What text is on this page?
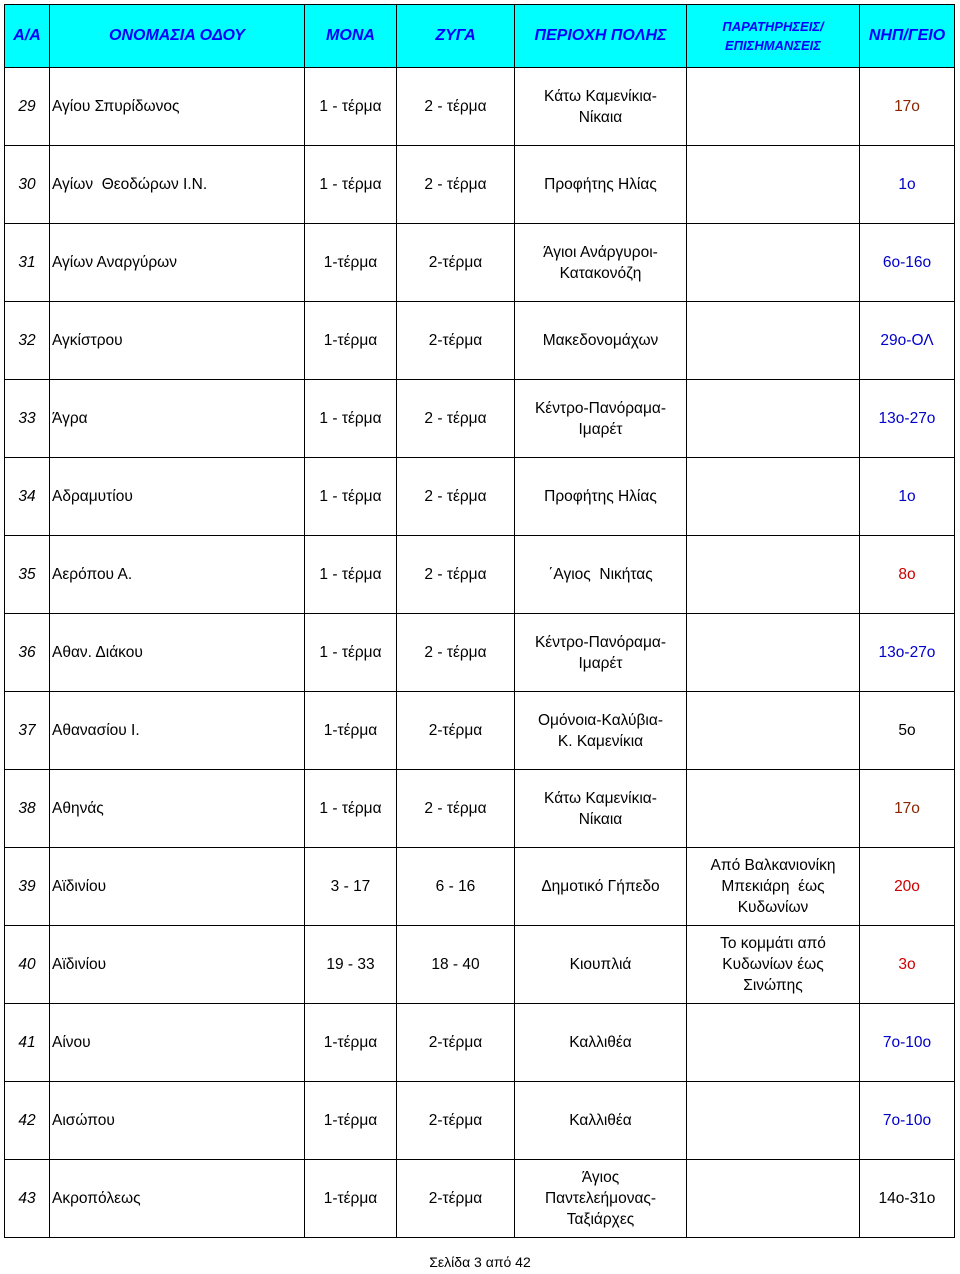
Α/Α	ΟΝΟΜΑΣΙΑ ΟΔΟΥ	ΜΟΝΑ	ΖΥΓΑ	ΠΕΡΙΟΧΗ ΠΟΛΗΣ	ΠΑΡΑΤΗΡΗΣΕΙΣ/
ΕΠΙΣΗΜΑΝΣΕΙΣ	ΝΗΠ/ΓΕΙΟ
29	Αγίου Σπυρίδωνος	1 - τέρμα	2 - τέρμα	Κάτω Καμενίκια-
Νίκαια		17ο
30	Αγίων  Θεοδώρων Ι.Ν.	1 - τέρμα	2 - τέρμα	Προφήτης Ηλίας		1ο
31	Αγίων Αναργύρων	1-τέρμα	2-τέρμα	Άγιοι Ανάργυροι-
Κατακονόζη		6ο-16ο
32	Αγκίστρου	1-τέρμα	2-τέρμα	Μακεδονομάχων		29ο-ΟΛ
33	Άγρα	1 - τέρμα	2 - τέρμα	Κέντρο-Πανόραμα-
Ιμαρέτ		13ο-27ο
34	Αδραμυτίου	1 - τέρμα	2 - τέρμα	Προφήτης Ηλίας		1ο
35	Αερόπου Α.	1 - τέρμα	2 - τέρμα	΄Αγιος  Νικήτας		8ο
36	Αθαν. Διάκου	1 - τέρμα	2 - τέρμα	Κέντρο-Πανόραμα-
Ιμαρέτ		13ο-27ο
37	Αθανασίου Ι.	1-τέρμα	2-τέρμα	Ομόνοια-Καλύβια-
Κ. Καμενίκια		5ο
38	Αθηνάς	1 - τέρμα	2 - τέρμα	Κάτω Καμενίκια-
Νίκαια		17ο
39	Αϊδινίου	3 - 17	6 - 16	Δημοτικό Γήπεδο	Από Βαλκανιονίκη
Μπεκιάρη  έως
Κυδωνίων	20ο
40	Αϊδινίου	19 - 33	18 - 40	Κιουπλιά	Το κομμάτι από
Κυδωνίων έως
Σινώπης	3ο
41	Αίνου	1-τέρμα	2-τέρμα	Καλλιθέα		7ο-10ο
42	Αισώπου	1-τέρμα	2-τέρμα	Καλλιθέα		7ο-10ο
43	Ακροπόλεως	1-τέρμα	2-τέρμα	Άγιος
Παντελεήμονας-
Ταξιάρχες		14ο-31ο
Σελίδα 3 από 42
